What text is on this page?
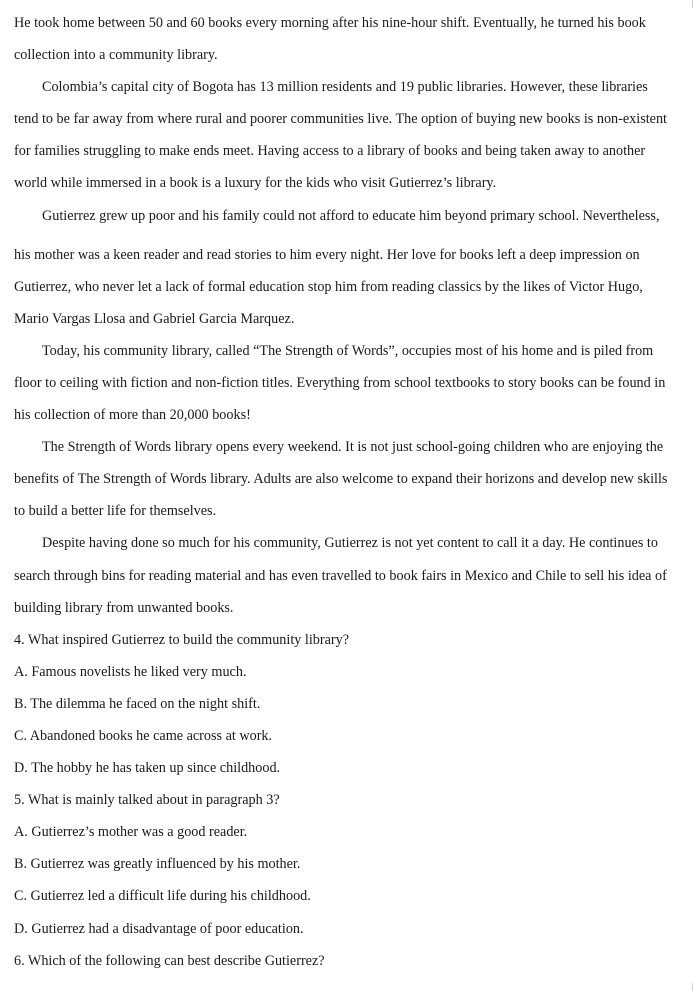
He took home between 50 and 60 books every morning after his nine-hour shift. Eventually, he turned his book
collection into a community library.
Colombia’s capital city of Bogota has 13 million residents and 19 public libraries. However, these libraries
tend to be far away from where rural and poorer communities live. The option of buying new books is non-existent
for families struggling to make ends meet. Having access to a library of books and being taken away to another
world while immersed in a book is a luxury for the kids who visit Gutierrez’s library.
Gutierrez grew up poor and his family could not afford to educate him beyond primary school. Nevertheless,
his mother was a keen reader and read stories to him every night. Her love for books left a deep impression on
Gutierrez, who never let a lack of formal education stop him from reading classics by the likes of Victor Hugo,
Mario Vargas Llosa and Gabriel Garcia Marquez.
Today, his community library, called “The Strength of Words”, occupies most of his home and is piled from
floor to ceiling with fiction and non-fiction titles. Everything from school textbooks to story books can be found in
his collection of more than 20,000 books!
The Strength of Words library opens every weekend. It is not just school-going children who are enjoying the
benefits of The Strength of Words library. Adults are also welcome to expand their horizons and develop new skills
to build a better life for themselves.
Despite having done so much for his community, Gutierrez is not yet content to call it a day. He continues to
search through bins for reading material and has even travelled to book fairs in Mexico and Chile to sell his idea of
building library from unwanted books.
4. What inspired Gutierrez to build the community library?
A. Famous novelists he liked very much.
B. The dilemma he faced on the night shift.
C. Abandoned books he came across at work.
D. The hobby he has taken up since childhood.
5. What is mainly talked about in paragraph 3?
A. Gutierrez’s mother was a good reader.
B. Gutierrez was greatly influenced by his mother.
C. Gutierrez led a difficult life during his childhood.
D. Gutierrez had a disadvantage of poor education.
6. Which of the following can best describe Gutierrez?
